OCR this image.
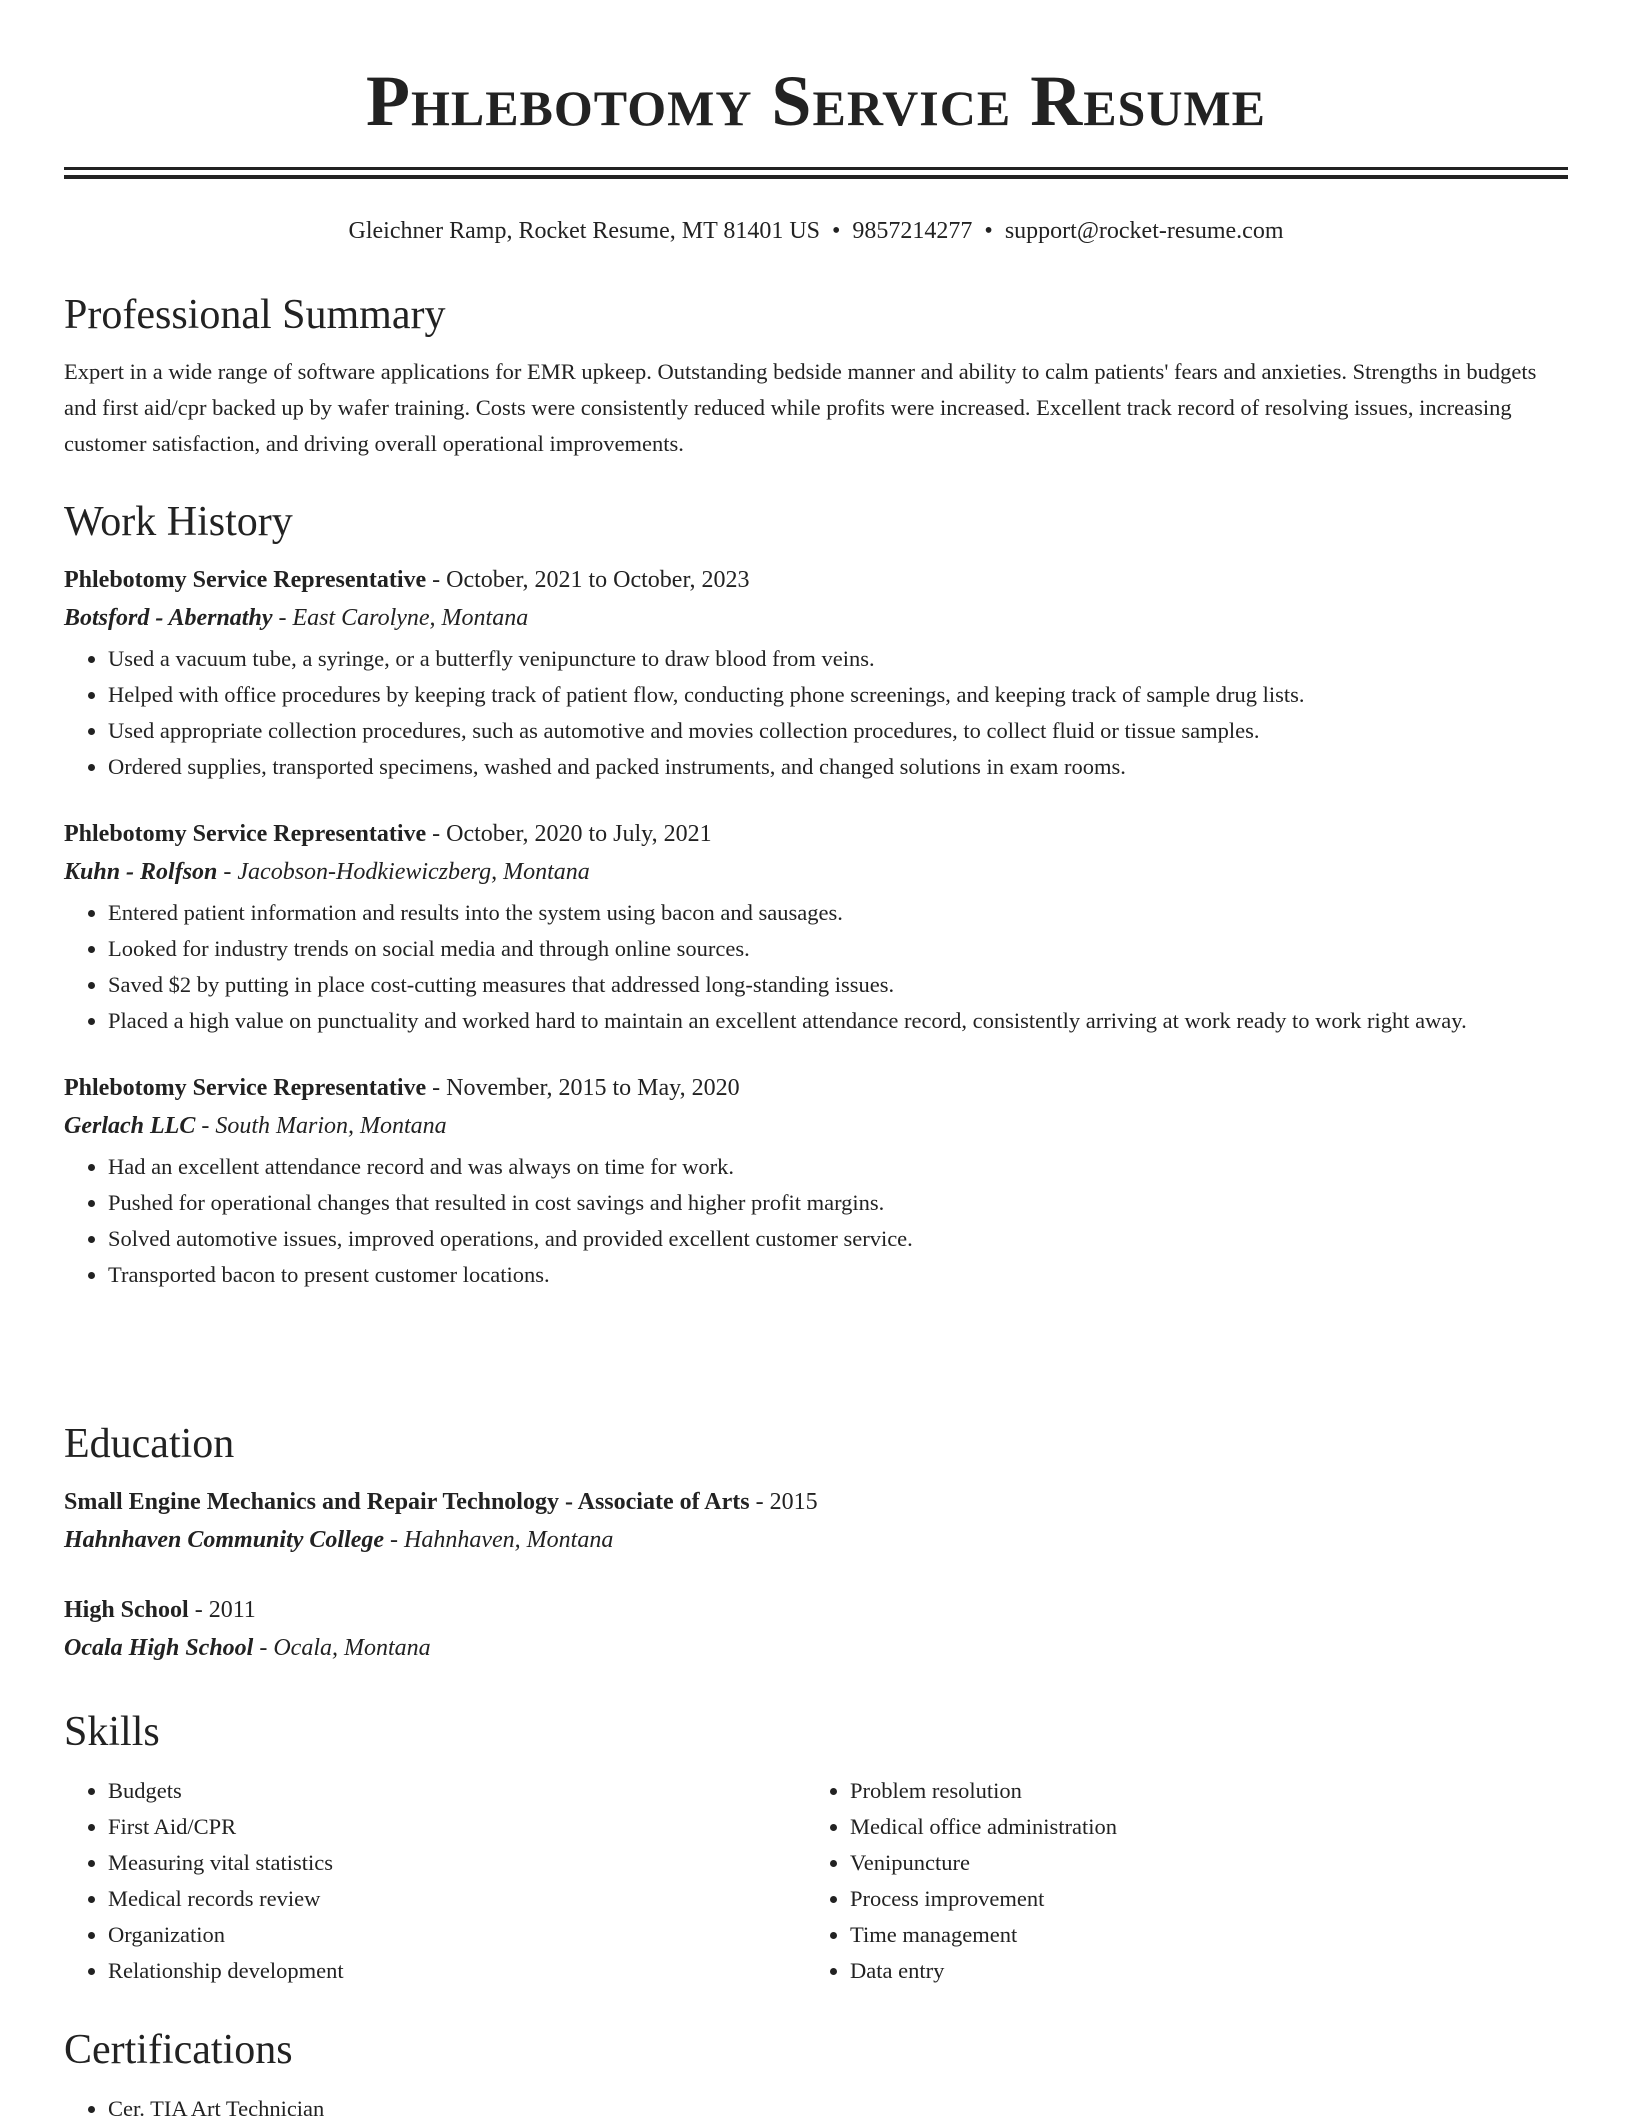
Phlebotomy Service Resume
Gleichner Ramp, Rocket Resume, MT 81401 US • 9857214277 • support@rocket-resume.com
Professional Summary

Expert in a wide range of software applications for EMR upkeep. Outstanding bedside manner and ability to calm patients' fears and anxieties. Strengths in budgets and first aid/cpr backed up by wafer training. Costs were consistently reduced while profits were increased. Excellent track record of resolving issues, increasing customer satisfaction, and driving overall operational improvements.

Work History
Phlebotomy Service Representative - October, 2021 to October, 2023
Botsford - Abernathy - East Carolyne, Montana
• Used a vacuum tube, a syringe, or a butterfly venipuncture to draw blood from veins.
• Helped with office procedures by keeping track of patient flow, conducting phone screenings, and keeping track of sample drug lists.
• Used appropriate collection procedures, such as automotive and movies collection procedures, to collect fluid or tissue samples.
• Ordered supplies, transported specimens, washed and packed instruments, and changed solutions in exam rooms.
Phlebotomy Service Representative - October, 2020 to July, 2021
Kuhn - Rolfson - Jacobson-Hodkiewiczberg, Montana
• Entered patient information and results into the system using bacon and sausages.
• Looked for industry trends on social media and through online sources.
• Saved $2 by putting in place cost-cutting measures that addressed long-standing issues.
• Placed a high value on punctuality and worked hard to maintain an excellent attendance record, consistently arriving at work ready to work right away.
Phlebotomy Service Representative - November, 2015 to May, 2020
Gerlach LLC - South Marion, Montana
• Had an excellent attendance record and was always on time for work.
• Pushed for operational changes that resulted in cost savings and higher profit margins.
• Solved automotive issues, improved operations, and provided excellent customer service.
• Transported bacon to present customer locations.
Education
Small Engine Mechanics and Repair Technology - Associate of Arts - 2015
Hahnhaven Community College - Hahnhaven, Montana
High School - 2011
Ocala High School - Ocala, Montana
Skills
• Budgets
• First Aid/CPR
• Measuring vital statistics
• Medical records review
• Organization
• Relationship development
• Problem resolution
• Medical office administration
• Venipuncture
• Process improvement
• Time management
• Data entry
Certifications
• Cer. TIA Art Technician
